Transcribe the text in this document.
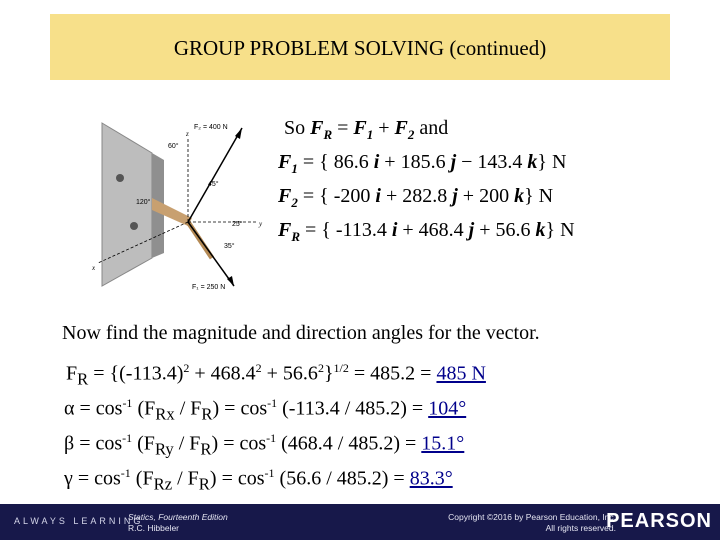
GROUP PROBLEM SOLVING (continued)
F₂ = 400 N
F₁ = 250 N
60°
45°
120°
25°
35°
x
y
z	So $F_R = F_1 + F_2$ and
$F_1$ = { 86.6 i + 185.6 j − 143.4 k} N
$F_2$ = { -200 i + 282.8 j + 200 k} N
$F_R$ = { -113.4 i + 468.4 j + 56.6 k} N
Now find the magnitude and direction angles for the vector.
$F_R = \{(-113.4)^2 + 468.4^2 + 56.6^2\}^{1/2} = 485.2 = 485$ N
$\alpha = \cos^{-1} (F_{Rx} / F_R) = \cos^{-1} (-113.4 / 485.2) = 104^\circ$
$\beta = \cos^{-1} (F_{Ry} / F_R) = \cos^{-1} (468.4 / 485.2) = 15.1^\circ$
$\gamma = \cos^{-1} (F_{Rz} / F_R) = \cos^{-1} (56.6 / 485.2) = 83.3^\circ$
ALWAYS LEARNING
Statics, Fourteenth Edition
R.C. Hibbeler
Copyright ©2016 by Pearson Education, Inc.
All rights reserved.
PEARSON
